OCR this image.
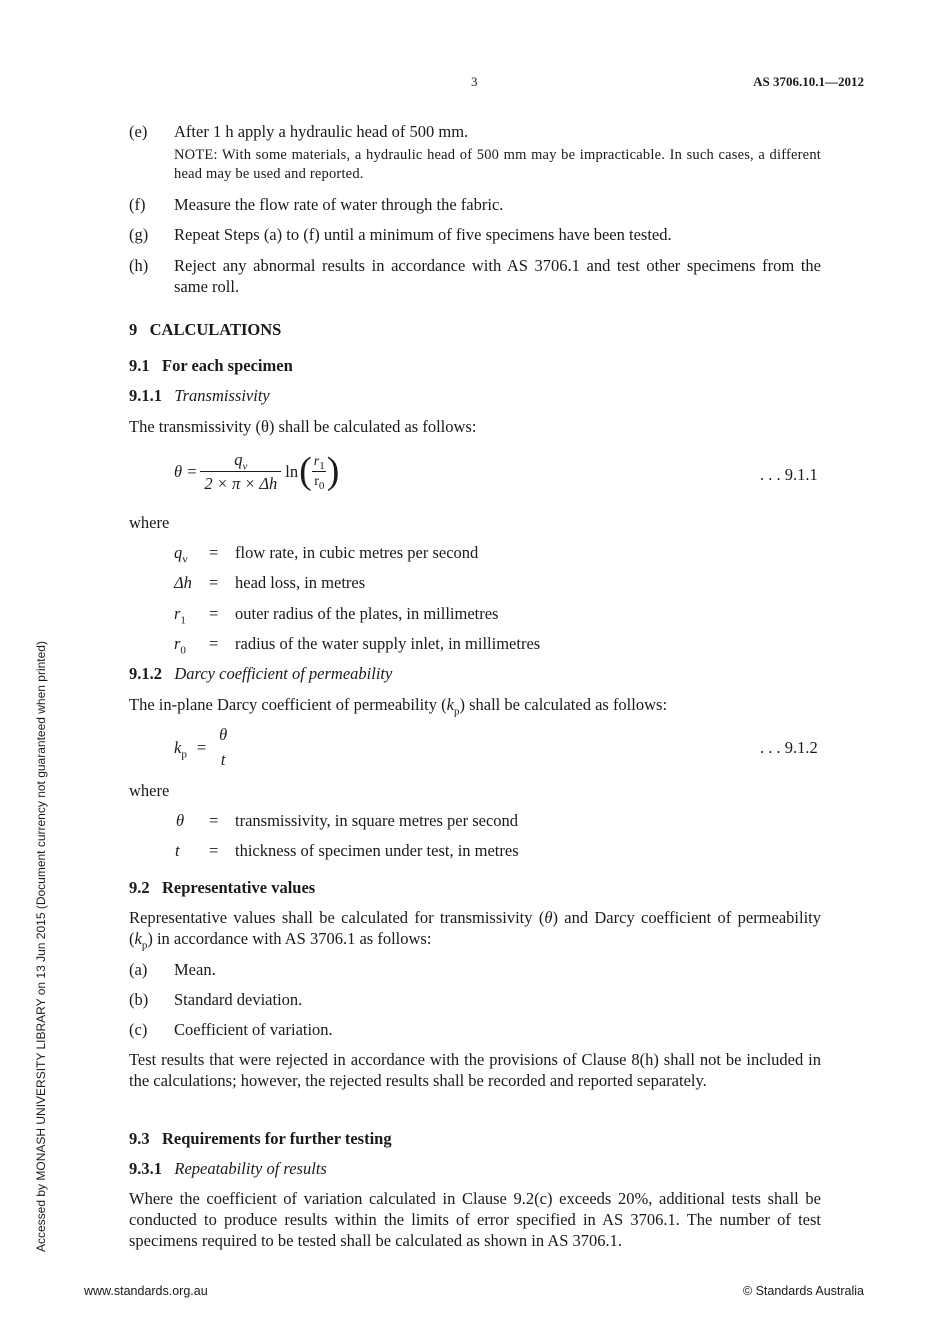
3	AS 3706.10.1—2012
(e) After 1 h apply a hydraulic head of 500 mm.
NOTE: With some materials, a hydraulic head of 500 mm may be impracticable. In such cases, a different head may be used and reported.
(f) Measure the flow rate of water through the fabric.
(g) Repeat Steps (a) to (f) until a minimum of five specimens have been tested.
(h) Reject any abnormal results in accordance with AS 3706.1 and test other specimens from the same roll.
9   CALCULATIONS
9.1   For each specimen
9.1.1 Transmissivity
The transmissivity (θ) shall be calculated as follows:
$\theta = \frac{q_v}{2 \times \pi \times \Delta h}$ ln ( $\frac{r_1}{r_0}$ )	. . . 9.1.1
where
$q_v$ = flow rate, in cubic metres per second
Δh = head loss, in metres
$r_1$ = outer radius of the plates, in millimetres
$r_0$ = radius of the water supply inlet, in millimetres
9.1.2 Darcy coefficient of permeability
The in-plane Darcy coefficient of permeability $(k_p)$ shall be calculated as follows:
$k_p$ =
θ
t
. . . 9.1.2
where
θ = transmissivity, in square metres per second
t = thickness of specimen under test, in metres
9.2   Representative values
Representative values shall be calculated for transmissivity (θ) and Darcy coefficient of permeability $(k_p)$ in accordance with AS 3706.1 as follows:
(a) Mean.
(b) Standard deviation.
(c) Coefficient of variation.
Test results that were rejected in accordance with the provisions of Clause 8(h) shall not be included in the calculations; however, the rejected results shall be recorded and reported separately.
9.3   Requirements for further testing
9.3.1 Repeatability of results
Where the coefficient of variation calculated in Clause 9.2(c) exceeds 20%, additional tests shall be conducted to produce results within the limits of error specified in AS 3706.1. The number of test specimens required to be tested shall be calculated as shown in AS 3706.1.
www.standards.org.au	© Standards Australia
Accessed by MONASH UNIVERSITY LIBRARY on 13 Jun 2015 (Document currency not guaranteed when printed)
